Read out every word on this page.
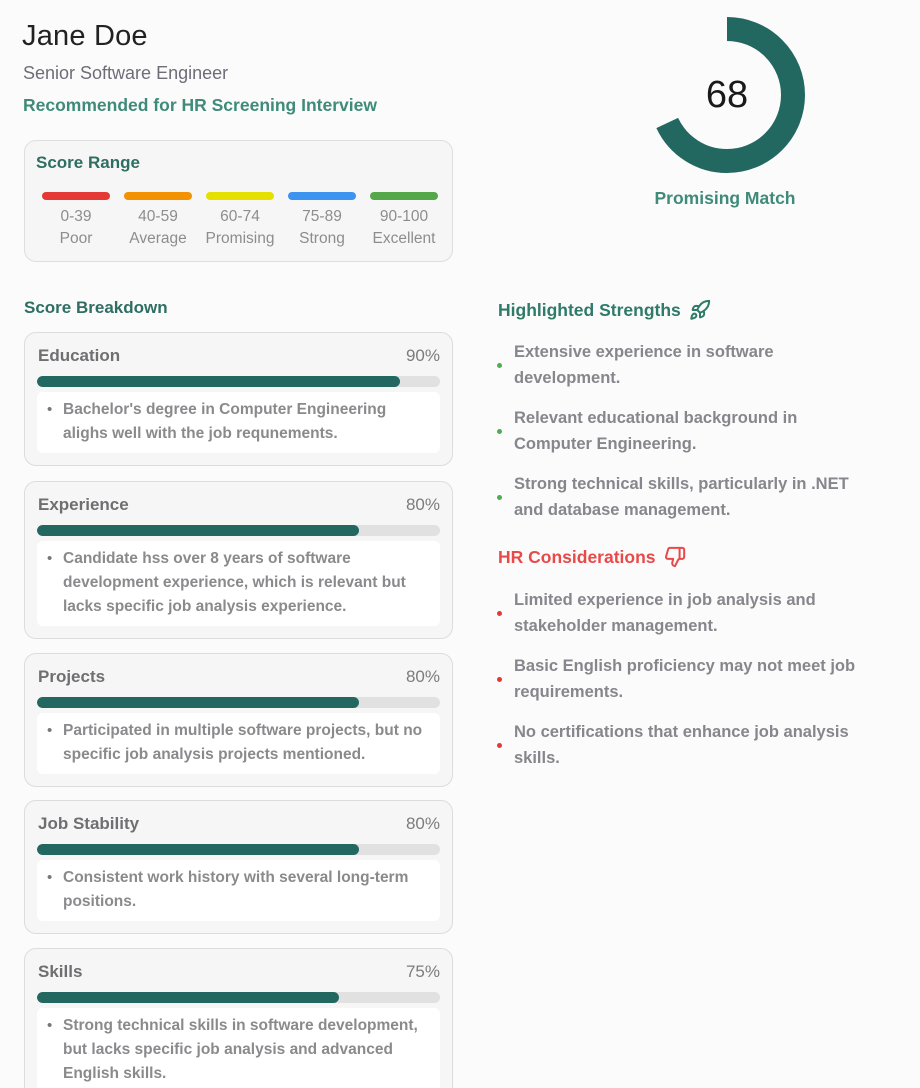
Jane Doe
Senior Software Engineer
Recommended for HR Screening Interview
Score Range
0-39
Poor
40-59
Average
60-74
Promising
75-89
Strong
90-100
Excellent
68
Promising Match
Score Breakdown
Education	90%
• Bachelor's degree in Computer Engineering alighs well with the job requnements.
Experience	80%
• Candidate hss over 8 years of software development experience, which is relevant but lacks specific job analysis experience.
Projects	80%
• Participated in multiple software projects, but no specific job analysis projects mentioned.
Job Stability	80%
• Consistent work history with several long-term positions.
Skills	75%
• Strong technical skills in software development, but lacks specific job analysis and advanced English skills.
Highlighted Strengths
Extensive experience in software development.
Relevant educational background in Computer Engineering.
Strong technical skills, particularly in .NET and database management.
HR Considerations
Limited experience in job analysis and stakeholder management.
Basic English proficiency may not meet job requirements.
No certifications that enhance job analysis skills.
